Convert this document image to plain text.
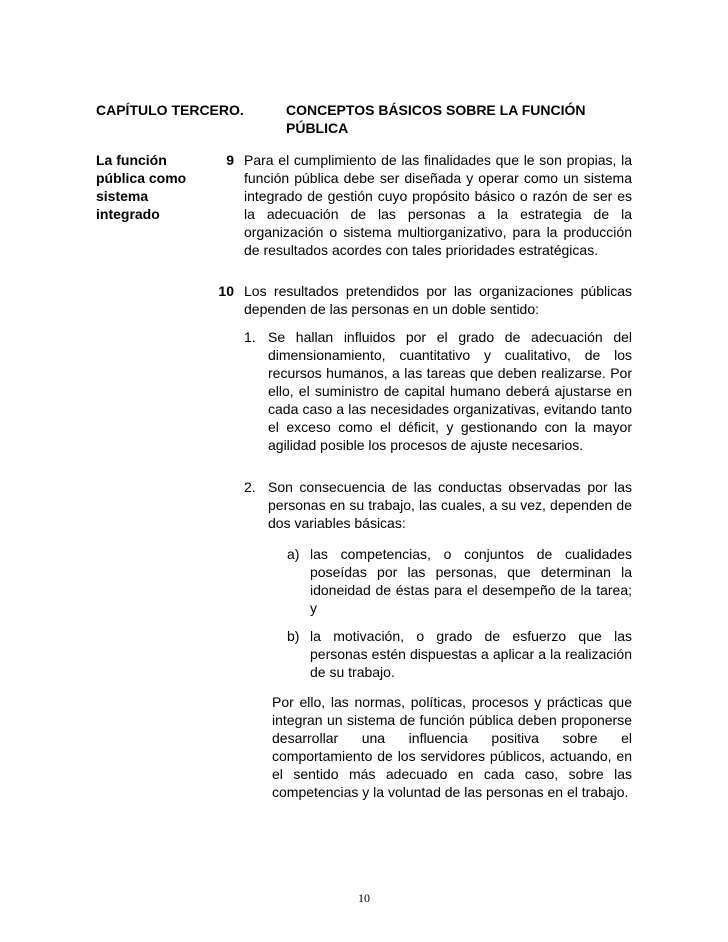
CAPÍTULO TERCERO.	CONCEPTOS BÁSICOS SOBRE LA FUNCIÓN PÚBLICA
La función pública como sistema integrado
9 Para el cumplimiento de las finalidades que le son propias, la función pública debe ser diseñada y operar como un sistema integrado de gestión cuyo propósito básico o razón de ser es la adecuación de las personas a la estrategia de la organización o sistema multiorganizativo, para la producción de resultados acordes con tales prioridades estratégicas.
10 Los resultados pretendidos por las organizaciones públicas dependen de las personas en un doble sentido:
1. Se hallan influidos por el grado de adecuación del dimensionamiento, cuantitativo y cualitativo, de los recursos humanos, a las tareas que deben realizarse. Por ello, el suministro de capital humano deberá ajustarse en cada caso a las necesidades organizativas, evitando tanto el exceso como el déficit, y gestionando con la mayor agilidad posible los procesos de ajuste necesarios.
2. Son consecuencia de las conductas observadas por las personas en su trabajo, las cuales, a su vez, dependen de dos variables básicas:
a) las competencias, o conjuntos de cualidades poseídas por las personas, que determinan la idoneidad de éstas para el desempeño de la tarea; y
b) la motivación, o grado de esfuerzo que las personas estén dispuestas a aplicar a la realización de su trabajo.
Por ello, las normas, políticas, procesos y prácticas que integran un sistema de función pública deben proponerse desarrollar una influencia positiva sobre el comportamiento de los servidores públicos, actuando, en el sentido más adecuado en cada caso, sobre las competencias y la voluntad de las personas en el trabajo.
10
